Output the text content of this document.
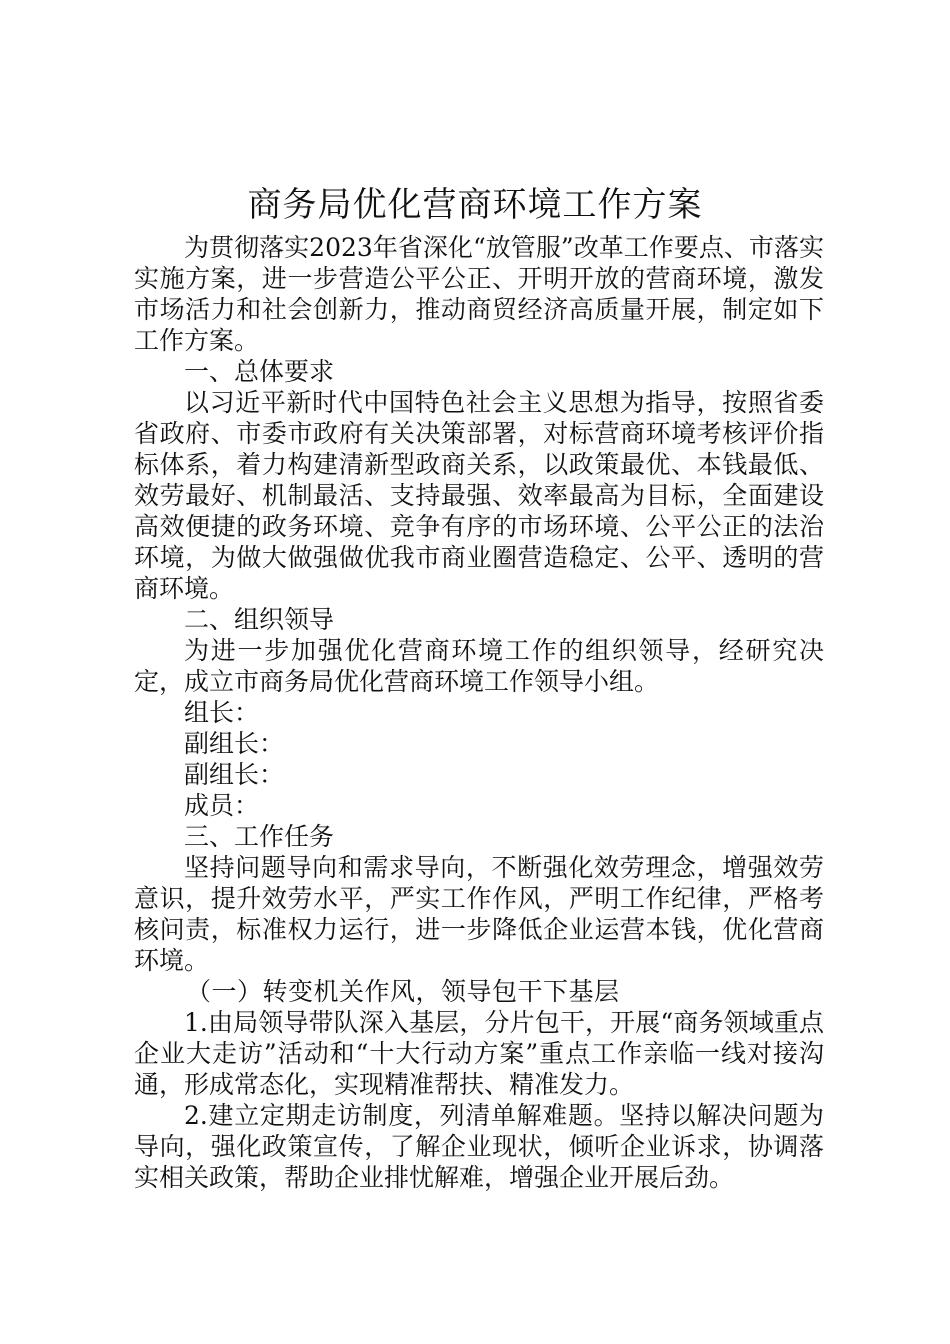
商务局优化营商环境工作方案

为贯彻落实2023年省深化“放管服”改革工作要点、市落实实施方案，进一步营造公平公正、开明开放的营商环境，激发市场活力和社会创新力，推动商贸经济高质量开展，制定如下工作方案。

一、总体要求

以习近平新时代中国特色社会主义思想为指导，按照省委省政府、市委市政府有关决策部署，对标营商环境考核评价指标体系，着力构建清新型政商关系，以政策最优、本钱最低、效劳最好、机制最活、支持最强、效率最高为目标，全面建设高效便捷的政务环境、竞争有序的市场环境、公平公正的法治环境，为做大做强做优我市商业圈营造稳定、公平、透明的营商环境。

二、组织领导

为进一步加强优化营商环境工作的组织领导，经研究决定，成立市商务局优化营商环境工作领导小组。

组长：

副组长：

副组长：

成员：

三、工作任务

坚持问题导向和需求导向，不断强化效劳理念，增强效劳意识，提升效劳水平，严实工作作风，严明工作纪律，严格考核问责，标准权力运行，进一步降低企业运营本钱，优化营商环境。

（一）转变机关作风，领导包干下基层

1.由局领导带队深入基层，分片包干，开展“商务领域重点企业大走访”活动和“十大行动方案”重点工作亲临一线对接沟通，形成常态化，实现精准帮扶、精准发力。

2.建立定期走访制度，列清单解难题。坚持以解决问题为导向，强化政策宣传，了解企业现状，倾听企业诉求，协调落实相关政策，帮助企业排忧解难，增强企业开展后劲。
